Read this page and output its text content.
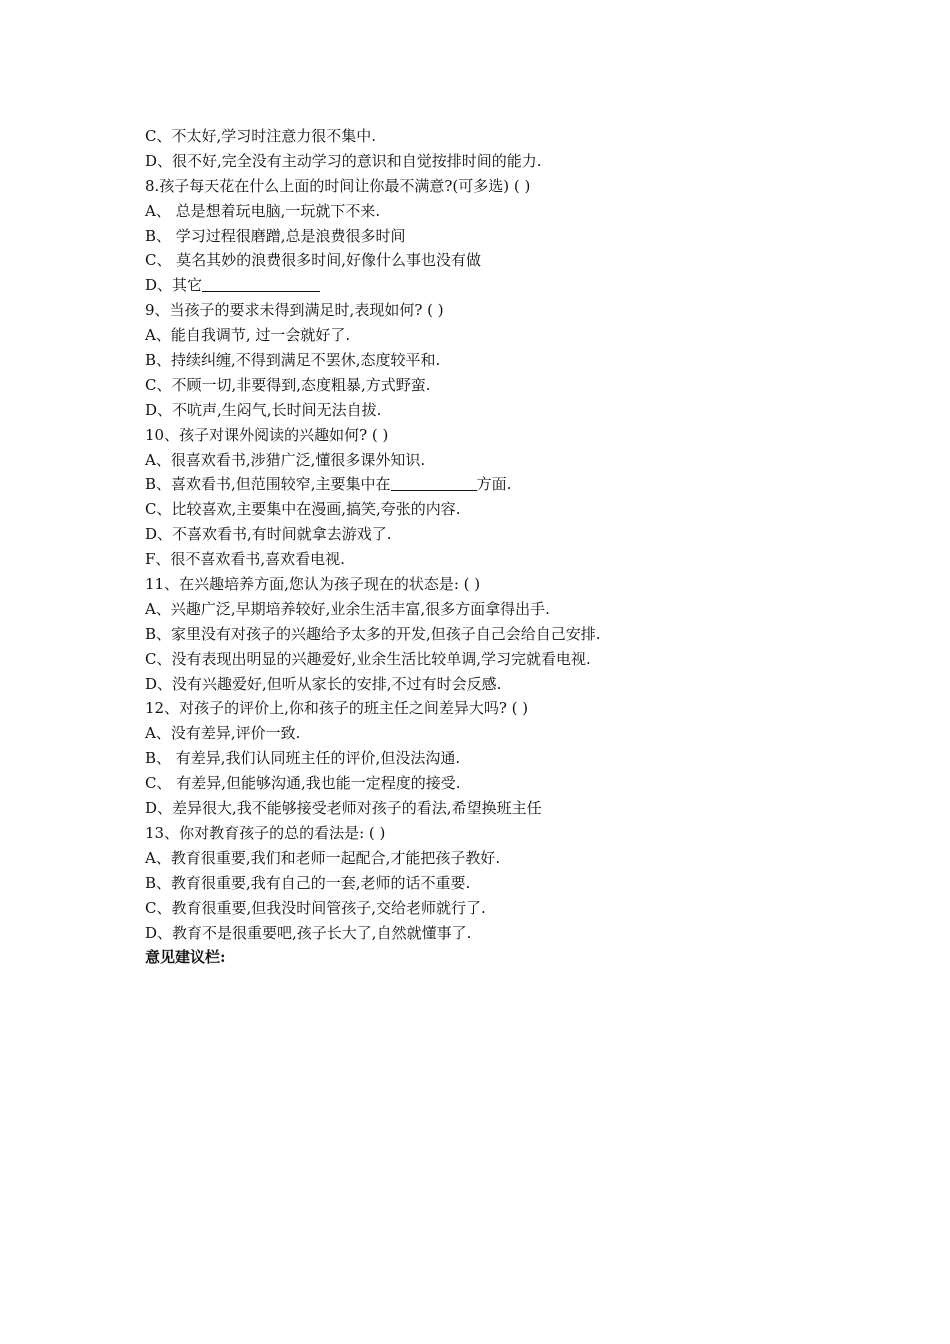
C、不太好,学习时注意力很不集中.
D、很不好,完全没有主动学习的意识和自觉按排时间的能力.
8.孩子每天花在什么上面的时间让你最不满意?(可多选) ( )
A、 总是想着玩电脑,一玩就下不来.
B、 学习过程很磨蹭,总是浪费很多时间
C、 莫名其妙的浪费很多时间,好像什么事也没有做
D、其它
9、当孩子的要求未得到满足时,表现如何? ( )
A、能自我调节, 过一会就好了.
B、持续纠缠,不得到满足不罢休,态度较平和.
C、不顾一切,非要得到,态度粗暴,方式野蛮.
D、不吭声,生闷气,长时间无法自拔.
10、孩子对课外阅读的兴趣如何? ( )
A、很喜欢看书,涉猎广泛,懂很多课外知识.
B、喜欢看书,但范围较窄,主要集中在	方面.
C、比较喜欢,主要集中在漫画,搞笑,夸张的内容.
D、不喜欢看书,有时间就拿去游戏了.
F、很不喜欢看书,喜欢看电视.
11、在兴趣培养方面,您认为孩子现在的状态是: ( )
A、兴趣广泛,早期培养较好,业余生活丰富,很多方面拿得出手.
B、家里没有对孩子的兴趣给予太多的开发,但孩子自己会给自己安排.
C、没有表现出明显的兴趣爱好,业余生活比较单调,学习完就看电视.
D、没有兴趣爱好,但听从家长的安排,不过有时会反感.
12、对孩子的评价上,你和孩子的班主任之间差异大吗? ( )
A、没有差异,评价一致.
B、 有差异,我们认同班主任的评价,但没法沟通.
C、 有差异,但能够沟通,我也能一定程度的接受.
D、差异很大,我不能够接受老师对孩子的看法,希望换班主任
13、你对教育孩子的总的看法是: ( )
A、教育很重要,我们和老师一起配合,才能把孩子教好.
B、教育很重要,我有自己的一套,老师的话不重要.
C、教育很重要,但我没时间管孩子,交给老师就行了.
D、教育不是很重要吧,孩子长大了,自然就懂事了.
意见建议栏:
